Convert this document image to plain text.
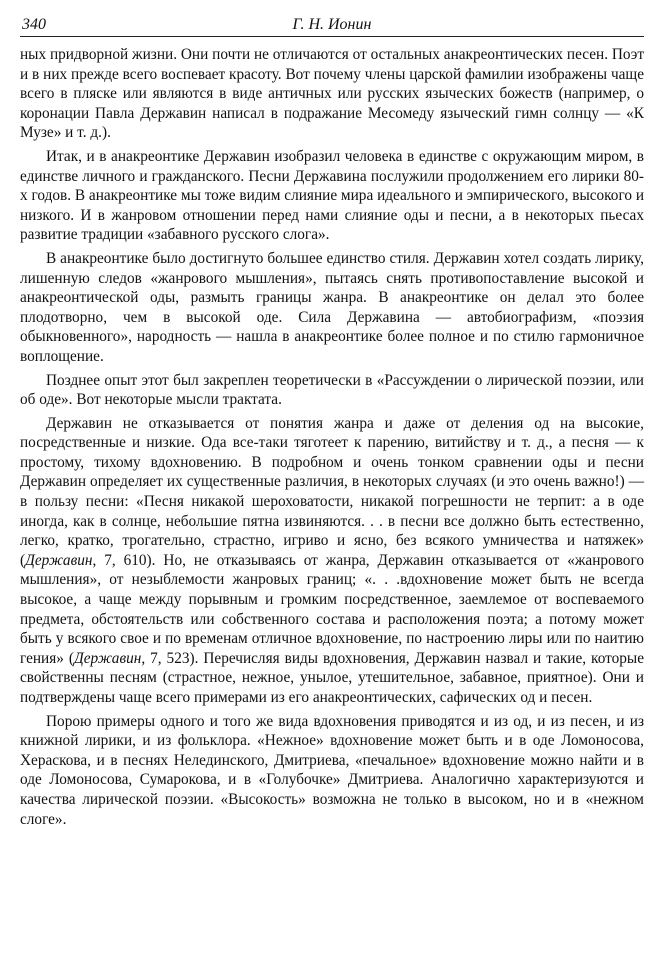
340	Г. Н. Ионин

ных придворной жизни. Они почти не отличаются от остальных анакреонтических песен. Поэт и в них прежде всего воспевает красоту. Вот почему члены царской фамилии изображены чаще всего в пляске или являются в виде античных или русских языческих божеств (например, о коронации Павла Державин написал в подражание Месомеду языческий гимн солнцу — «К Музе» и т. д.).

Итак, и в анакреонтике Державин изобразил человека в единстве с окружающим миром, в единстве личного и гражданского. Песни Державина послужили продолжением его лирики 80-х годов. В анакреонтике мы тоже видим слияние мира идеального и эмпирического, высокого и низкого. И в жанровом отношении перед нами слияние оды и песни, а в некоторых пьесах развитие традиции «забавного русского слога».

В анакреонтике было достигнуто большее единство стиля. Державин хотел создать лирику, лишенную следов «жанрового мышления», пытаясь снять противопоставление высокой и анакреонтической оды, размыть границы жанра. В анакреонтике он делал это более плодотворно, чем в высокой оде. Сила Державина — автобиографизм, «поэзия обыкновенного», народность — нашла в анакреонтике более полное и по стилю гармоничное воплощение.

Позднее опыт этот был закреплен теоретически в «Рассуждении о лирической поэзии, или об оде». Вот некоторые мысли трактата.

Державин не отказывается от понятия жанра и даже от деления од на высокие, посредственные и низкие. Ода все-таки тяготеет к парению, витийству и т. д., а песня — к простому, тихому вдохновению. В подробном и очень тонком сравнении оды и песни Державин определяет их существенные различия, в некоторых случаях (и это очень важно!) — в пользу песни: «Песня никакой шероховатости, никакой погрешности не терпит: а в оде иногда, как в солнце, небольшие пятна извиняются. . . в песни все должно быть естественно, легко, кратко, трогательно, страстно, игриво и ясно, без всякого умничества и натяжек» (Державин, 7, 610). Но, не отказываясь от жанра, Державин отказывается от «жанрового мышления», от незыблемости жанровых границ; «. . .вдохновение может быть не всегда высокое, а чаще между порывным и громким посредственное, заемлемое от воспеваемого предмета, обстоятельств или собственного состава и расположения поэта; а потому может быть у всякого свое и по временам отличное вдохновение, по настроению лиры или по наитию гения» (Державин, 7, 523). Перечисляя виды вдохновения, Державин назвал и такие, которые свойственны песням (страстное, нежное, унылое, утешительное, забавное, приятное). Они и подтверждены чаще всего примерами из его анакреонтических, сафических од и песен.

Порою примеры одного и того же вида вдохновения приводятся и из од, и из песен, и из книжной лирики, и из фольклора. «Нежное» вдохновение может быть и в оде Ломоносова, Хераскова, и в песнях Нелединского, Дмитриева, «печальное» вдохновение можно найти и в оде Ломоносова, Сумарокова, и в «Голубочке» Дмитриева. Аналогично характеризуются и качества лирической поэзии. «Высокость» возможна не только в высоком, но и в «нежном слоге».
